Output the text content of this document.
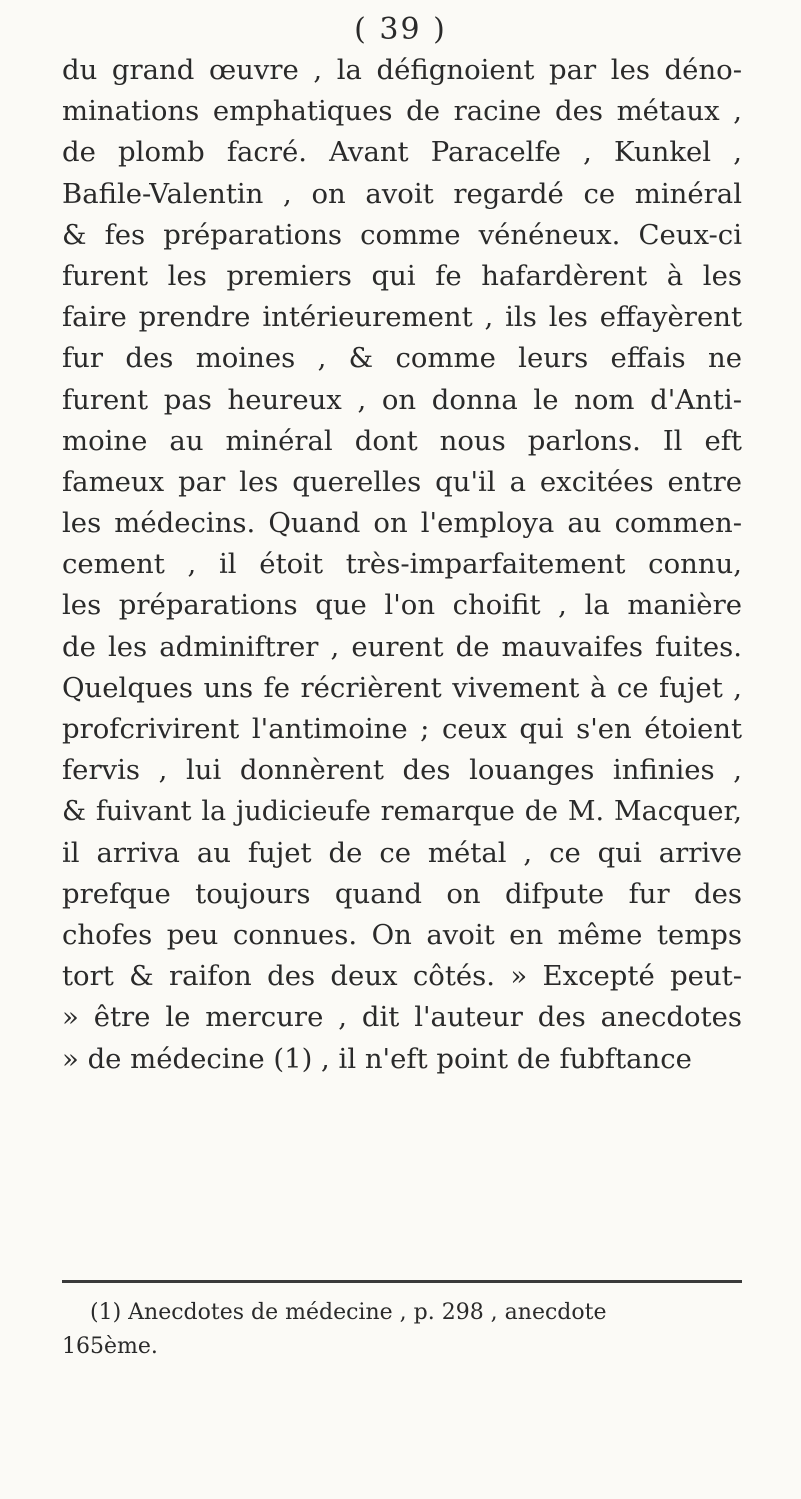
( 39 )
du grand œuvre , la défignoient par les déno-
minations emphatiques de racine des métaux ,
de plomb facré. Avant Paracelfe , Kunkel ,
Bafile-Valentin , on avoit regardé ce minéral
& fes préparations comme vénéneux. Ceux-ci
furent les premiers qui fe hafardèrent à les
faire prendre intérieurement , ils les effayèrent
fur des moines , & comme leurs effais ne
furent pas heureux , on donna le nom d'Anti-
moine au minéral dont nous parlons. Il eft
fameux par les querelles qu'il a excitées entre
les médecins. Quand on l'employa au commen-
cement , il étoit très-imparfaitement connu,
les préparations que l'on choifit , la manière
de les adminiftrer , eurent de mauvaifes fuites.
Quelques uns fe récrièrent vivement à ce fujet ,
profcrivirent l'antimoine ; ceux qui s'en étoient
fervis , lui donnèrent des louanges infinies ,
& fuivant la judicieufe remarque de M. Macquer,
il arriva au fujet de ce métal , ce qui arrive
prefque toujours quand on difpute fur des
chofes peu connues. On avoit en même temps
tort & raifon des deux côtés. » Excepté peut-
» être le mercure , dit l'auteur des anecdotes
» de médecine (1) , il n'eft point de fubftance
(1) Anecdotes de médecine , p. 298 , anecdote
165ème.
